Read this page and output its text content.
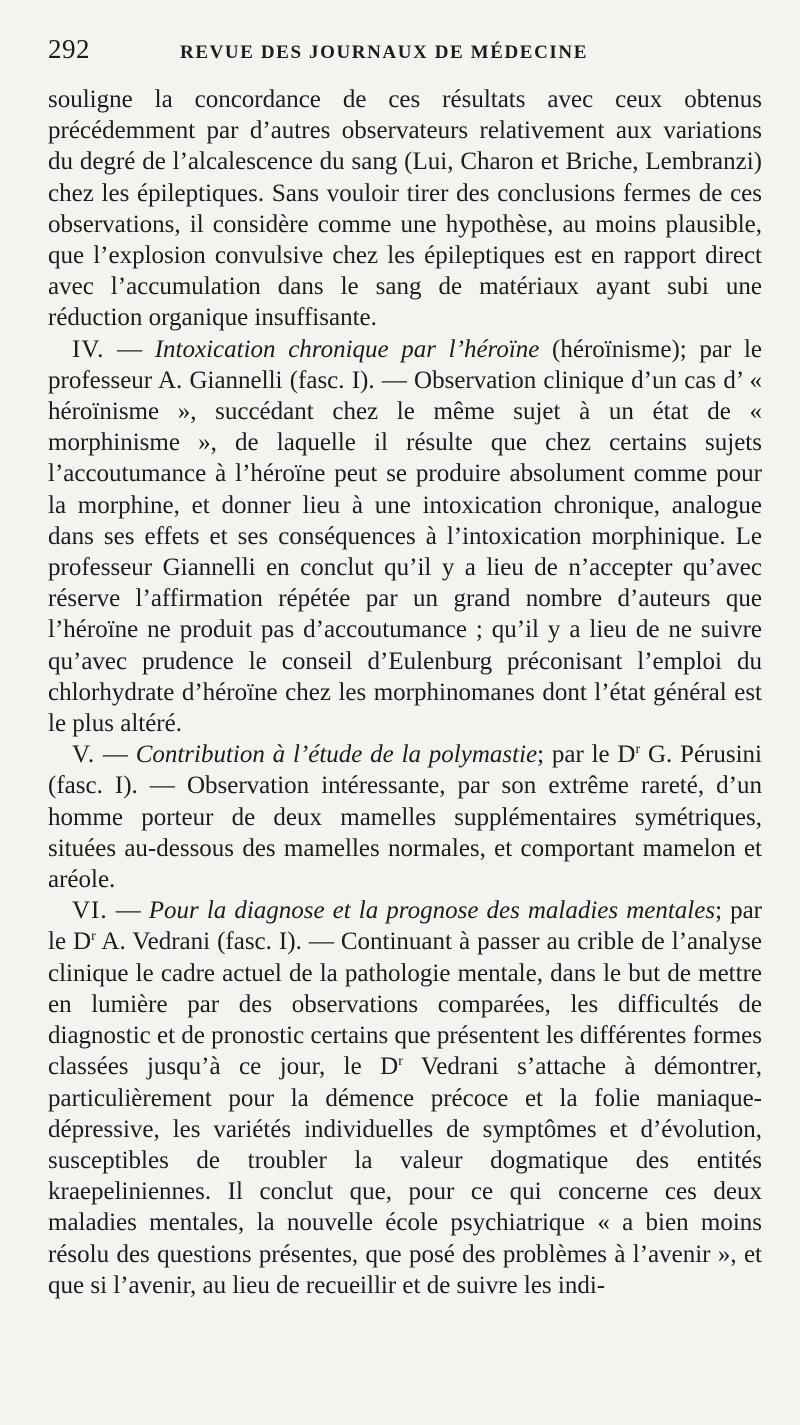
292	REVUE DES JOURNAUX DE MÉDECINE

souligne la concordance de ces résultats avec ceux obtenus précédemment par d’autres observateurs relativement aux variations du degré de l’alcalescence du sang (Lui, Charon et Briche, Lembranzi) chez les épileptiques. Sans vouloir tirer des conclusions fermes de ces observations, il considère comme une hypothèse, au moins plausible, que l’explosion convulsive chez les épileptiques est en rapport direct avec l’accumulation dans le sang de matériaux ayant subi une réduction organique insuffisante.

IV. — Intoxication chronique par l’héroïne (héroïnisme); par le professeur A. Giannelli (fasc. I). — Observation clinique d’un cas d’ « héroïnisme », succédant chez le même sujet à un état de « morphinisme », de laquelle il résulte que chez certains sujets l’accoutumance à l’héroïne peut se produire absolument comme pour la morphine, et donner lieu à une intoxication chronique, analogue dans ses effets et ses conséquences à l’intoxication morphinique. Le professeur Giannelli en conclut qu’il y a lieu de n’accepter qu’avec réserve l’affirmation répétée par un grand nombre d’auteurs que l’héroïne ne produit pas d’accoutumance ; qu’il y a lieu de ne suivre qu’avec prudence le conseil d’Eulenburg préconisant l’emploi du chlorhydrate d’héroïne chez les morphinomanes dont l’état général est le plus altéré.

V. — Contribution à l’étude de la polymastie; par le $D^r$ G. Pérusini (fasc. I). — Observation intéressante, par son extrême rareté, d’un homme porteur de deux mamelles supplémentaires symétriques, situées au-dessous des mamelles normales, et comportant mamelon et aréole.

VI. — Pour la diagnose et la prognose des maladies mentales; par le $D^r$ A. Vedrani (fasc. I). — Continuant à passer au crible de l’analyse clinique le cadre actuel de la pathologie mentale, dans le but de mettre en lumière par des observations comparées, les difficultés de diagnostic et de pronostic certains que présentent les différentes formes classées jusqu’à ce jour, le $D^r$ Vedrani s’attache à démontrer, particulièrement pour la démence précoce et la folie maniaque-dépressive, les variétés individuelles de symptômes et d’évolution, susceptibles de troubler la valeur dogmatique des entités kraepeliniennes. Il conclut que, pour ce qui concerne ces deux maladies mentales, la nouvelle école psychiatrique « a bien moins résolu des questions présentes, que posé des problèmes à l’avenir », et que si l’avenir, au lieu de recueillir et de suivre les indi-
